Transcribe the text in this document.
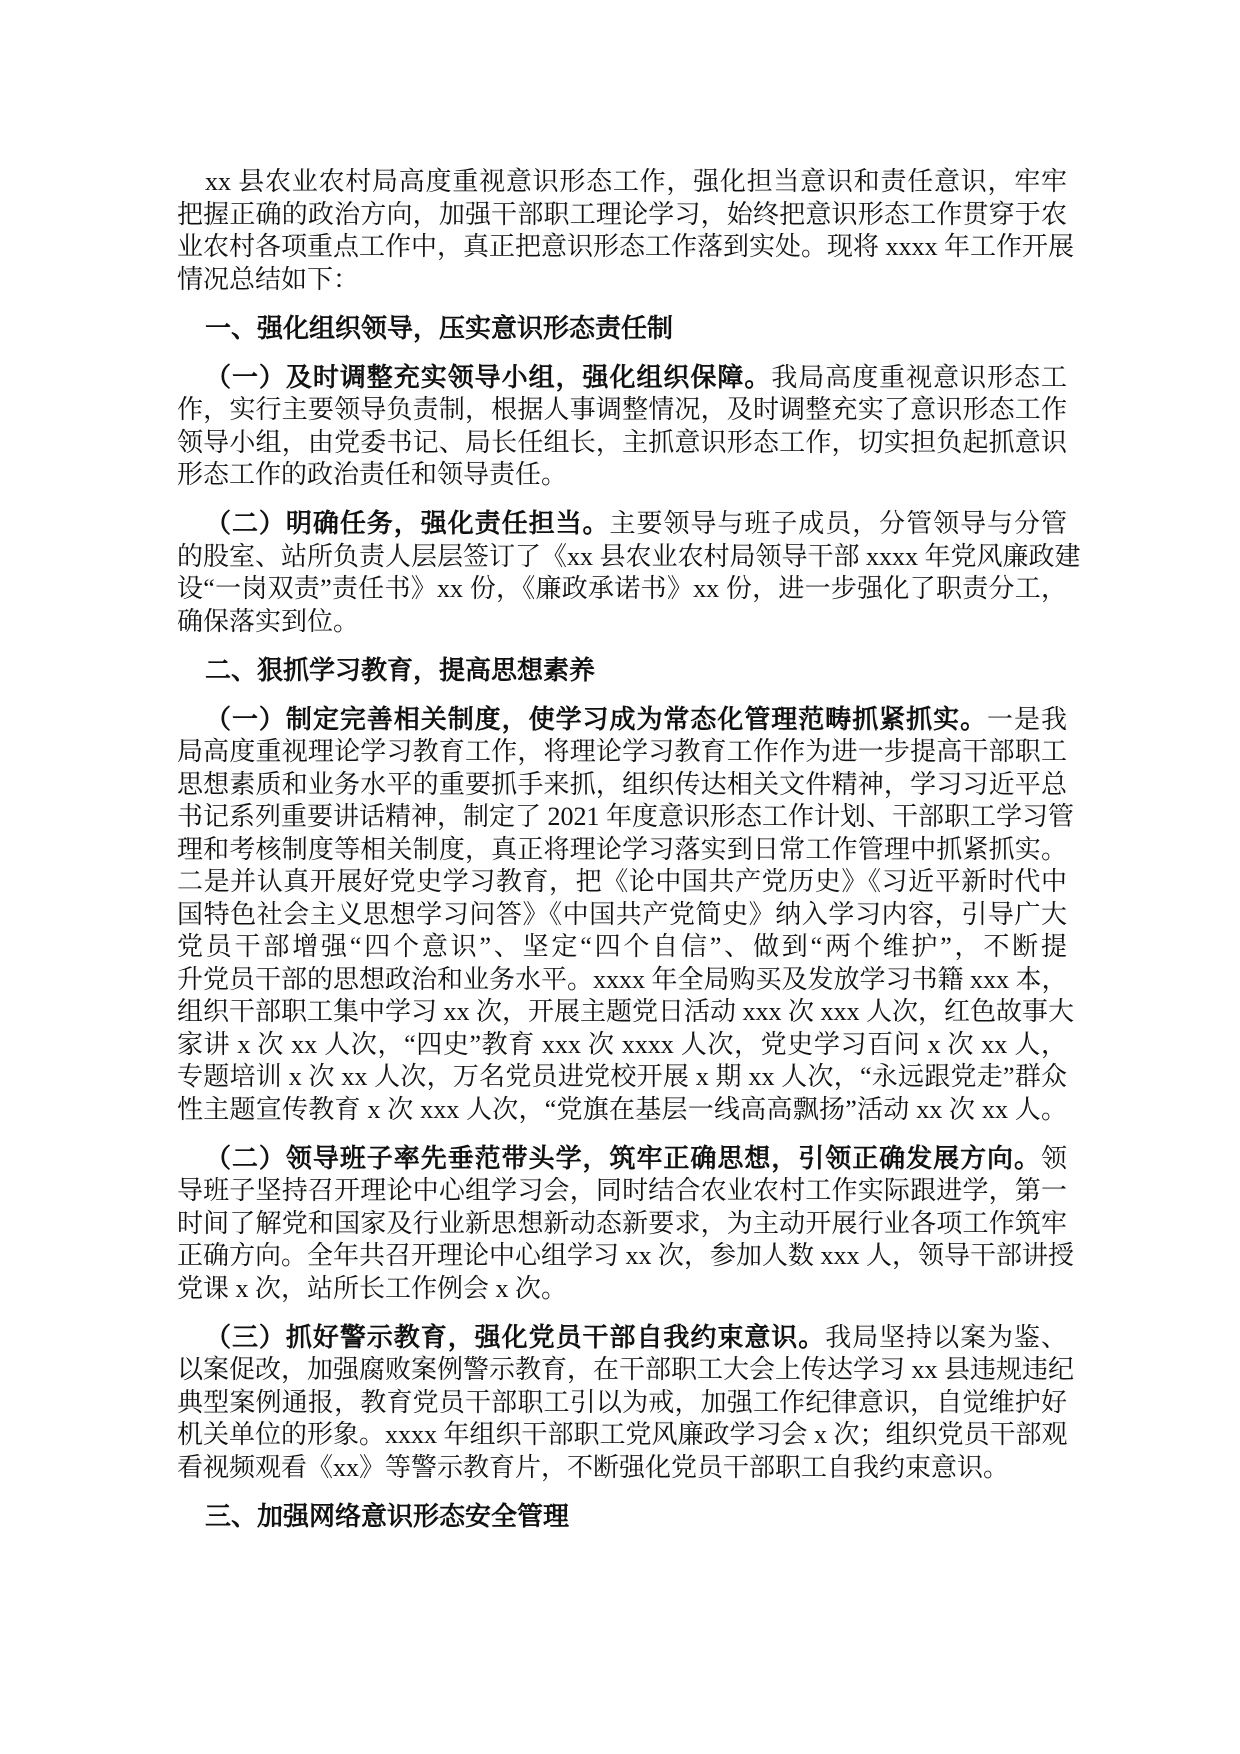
xx 县农业农村局高度重视意识形态工作，强化担当意识和责任意识，牢牢
把握正确的政治方向，加强干部职工理论学习，始终把意识形态工作贯穿于农
业农村各项重点工作中，真正把意识形态工作落到实处。现将 xxxx 年工作开展
情况总结如下：
一、强化组织领导，压实意识形态责任制
（一）及时调整充实领导小组，强化组织保障。我局高度重视意识形态工
作，实行主要领导负责制，根据人事调整情况，及时调整充实了意识形态工作
领导小组，由党委书记、局长任组长，主抓意识形态工作，切实担负起抓意识
形态工作的政治责任和领导责任。
（二）明确任务，强化责任担当。主要领导与班子成员，分管领导与分管
的股室、站所负责人层层签订了《xx 县农业农村局领导干部 xxxx 年党风廉政建
设“一岗双责”责任书》xx 份，《廉政承诺书》xx 份，进一步强化了职责分工，
确保落实到位。
二、狠抓学习教育，提高思想素养
（一）制定完善相关制度，使学习成为常态化管理范畴抓紧抓实。一是我
局高度重视理论学习教育工作，将理论学习教育工作作为进一步提高干部职工
思想素质和业务水平的重要抓手来抓，组织传达相关文件精神，学习习近平总
书记系列重要讲话精神，制定了 2021 年度意识形态工作计划、干部职工学习管
理和考核制度等相关制度，真正将理论学习落实到日常工作管理中抓紧抓实。
二是并认真开展好党史学习教育，把《论中国共产党历史》《习近平新时代中
国特色社会主义思想学习问答》《中国共产党简史》纳入学习内容，引导广大
党员干部增强“四个意识”、坚定“四个自信”、做到“两个维护”，不断提
升党员干部的思想政治和业务水平。xxxx 年全局购买及发放学习书籍 xxx 本，
组织干部职工集中学习 xx 次，开展主题党日活动 xxx 次 xxx 人次，红色故事大
家讲 x 次 xx 人次，“四史”教育 xxx 次 xxxx 人次，党史学习百问 x 次 xx 人，
专题培训 x 次 xx 人次，万名党员进党校开展 x 期 xx 人次，“永远跟党走”群众
性主题宣传教育 x 次 xxx 人次，“党旗在基层一线高高飘扬”活动 xx 次 xx 人。
（二）领导班子率先垂范带头学，筑牢正确思想，引领正确发展方向。领
导班子坚持召开理论中心组学习会，同时结合农业农村工作实际跟进学，第一
时间了解党和国家及行业新思想新动态新要求，为主动开展行业各项工作筑牢
正确方向。全年共召开理论中心组学习 xx 次，参加人数 xxx 人，领导干部讲授
党课 x 次，站所长工作例会 x 次。
（三）抓好警示教育，强化党员干部自我约束意识。我局坚持以案为鉴、
以案促改，加强腐败案例警示教育，在干部职工大会上传达学习 xx 县违规违纪
典型案例通报，教育党员干部职工引以为戒，加强工作纪律意识，自觉维护好
机关单位的形象。xxxx 年组织干部职工党风廉政学习会 x 次；组织党员干部观
看视频观看《xx》等警示教育片，不断强化党员干部职工自我约束意识。
三、加强网络意识形态安全管理
